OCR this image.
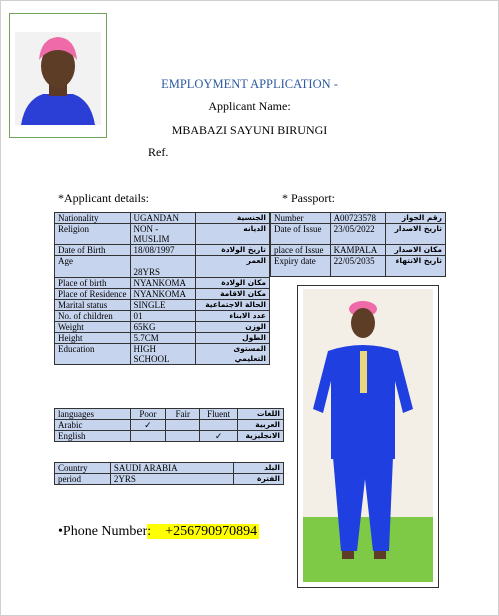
EMPLOYMENT APPLICATION -
Applicant Name:
MBABAZI SAYUNI BIRUNGI
Ref.
*Applicant details:	* Passport:
Nationality	UGANDAN	الجنسية
Religion	NON - MUSLIM	الديانه
Date of Birth	18/08/1997	تاريخ الولادة
Age	28YRS	العمر
Place of birth	NYANKOMA	مكان الولادة
Place of Residence	NYANKOMA	مكان الاقامة
Marital status	SINGLE	الحالة الاجتماعية
No. of children	01	عدد الابناء
Weight	65KG	الوزن
Height	5.7CM	الطول
Education	HIGH SCHOOL	المستوى التعليمي
Number	A00723578	رقم الجواز
Date of Issue	23/05/2022	تاريخ الاصدار
place of Issue	KAMPALA	مكان الاصدار
Expiry date	22/05/2035	تاريخ الانتهاء
languages	Poor	Fair	Fluent	اللغات
Arabic	✓			العربية
English			✓	الانجليزية
Country	SAUDI ARABIA	البلد
period	2YRS	الفترة
•Phone Number: +256790970894
